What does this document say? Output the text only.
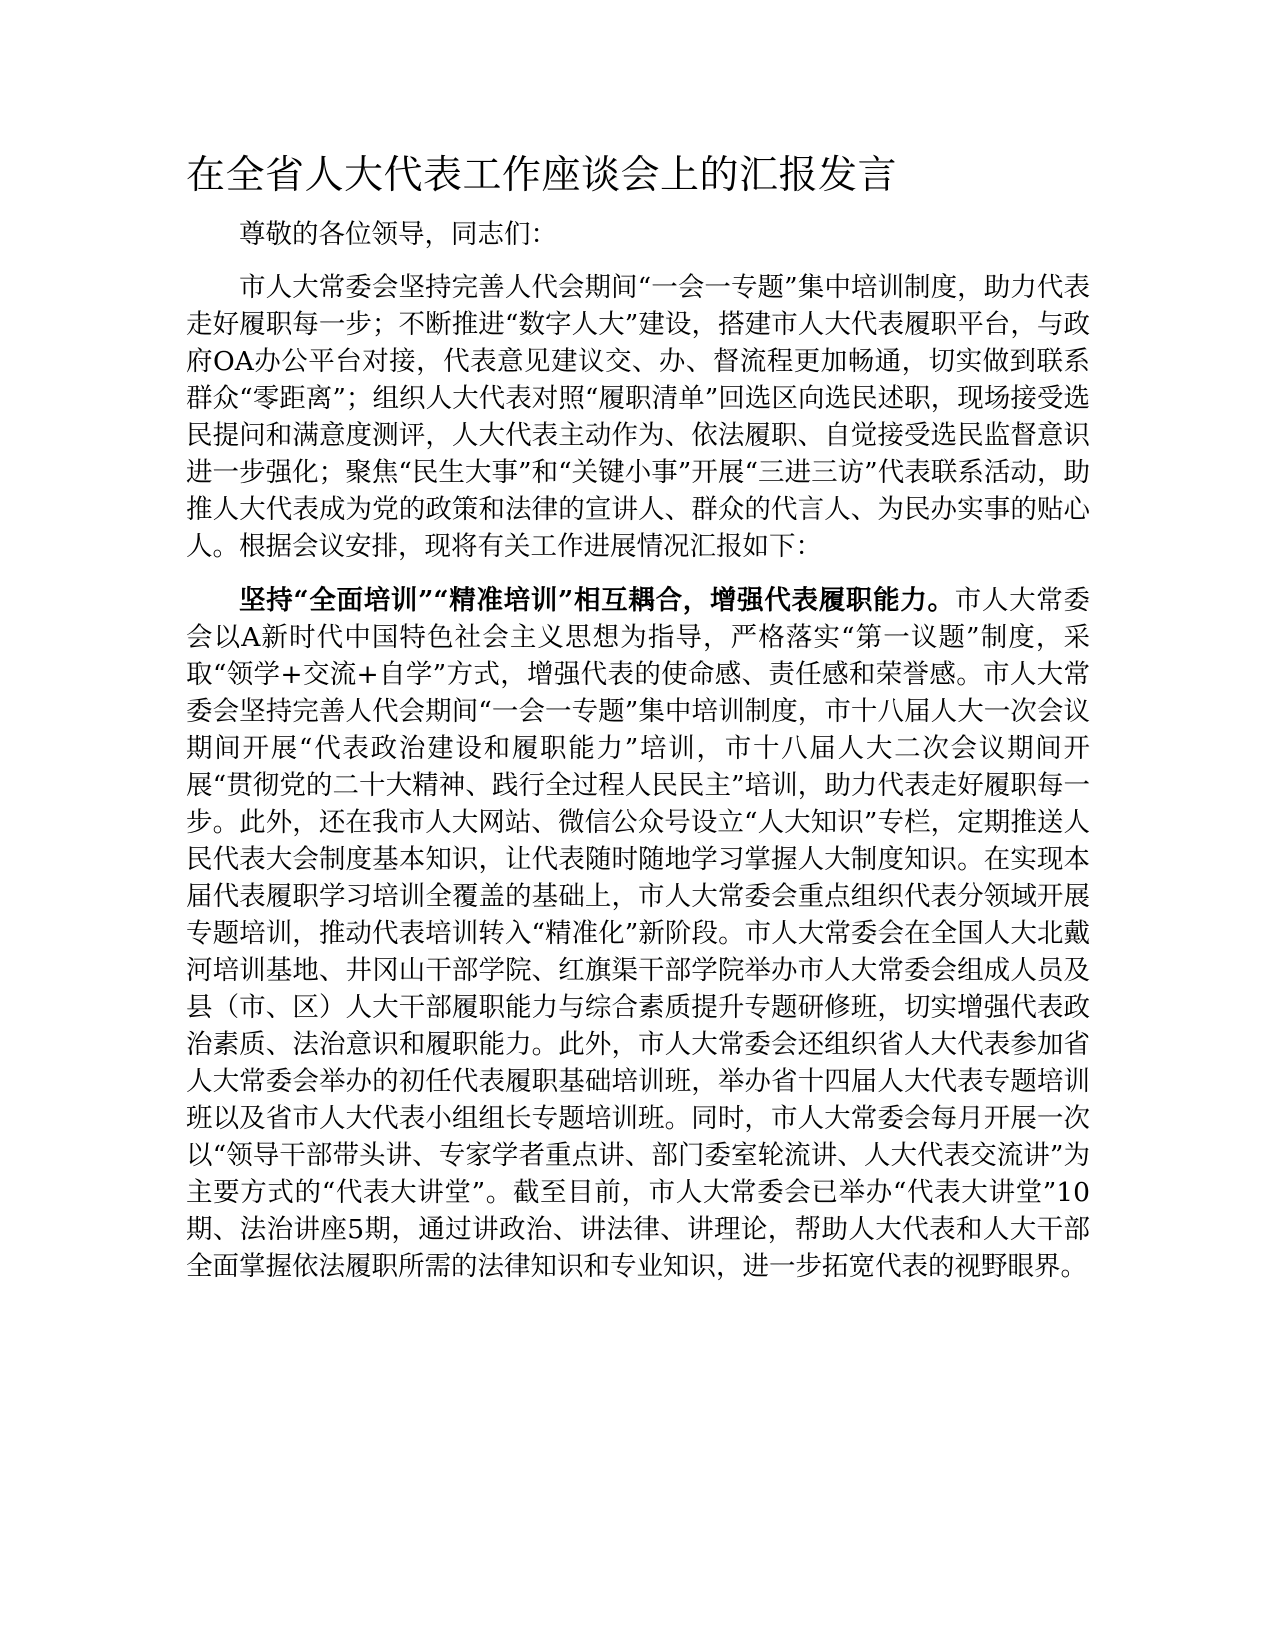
在全省人大代表工作座谈会上的汇报发言

尊敬的各位领导，同志们：

市人大常委会坚持完善人代会期间“一会一专题”集中培训制度，助力代表走好履职每一步；不断推进“数字人大”建设，搭建市人大代表履职平台，与政府OA办公平台对接，代表意见建议交、办、督流程更加畅通，切实做到联系群众“零距离”；组织人大代表对照“履职清单”回选区向选民述职，现场接受选民提问和满意度测评，人大代表主动作为、依法履职、自觉接受选民监督意识进一步强化；聚焦“民生大事”和“关键小事”开展“三进三访”代表联系活动，助推人大代表成为党的政策和法律的宣讲人、群众的代言人、为民办实事的贴心人。根据会议安排，现将有关工作进展情况汇报如下：

坚持“全面培训”“精准培训”相互耦合，增强代表履职能力。市人大常委会以A新时代中国特色社会主义思想为指导，严格落实“第一议题”制度，采取“领学+交流+自学”方式，增强代表的使命感、责任感和荣誉感。市人大常委会坚持完善人代会期间“一会一专题”集中培训制度，市十八届人大一次会议期间开展“代表政治建设和履职能力”培训，市十八届人大二次会议期间开展“贯彻党的二十大精神、践行全过程人民民主”培训，助力代表走好履职每一步。此外，还在我市人大网站、微信公众号设立“人大知识”专栏，定期推送人民代表大会制度基本知识，让代表随时随地学习掌握人大制度知识。在实现本届代表履职学习培训全覆盖的基础上，市人大常委会重点组织代表分领域开展专题培训，推动代表培训转入“精准化”新阶段。市人大常委会在全国人大北戴河培训基地、井冈山干部学院、红旗渠干部学院举办市人大常委会组成人员及县（市、区）人大干部履职能力与综合素质提升专题研修班，切实增强代表政治素质、法治意识和履职能力。此外，市人大常委会还组织省人大代表参加省人大常委会举办的初任代表履职基础培训班，举办省十四届人大代表专题培训班以及省市人大代表小组组长专题培训班。同时，市人大常委会每月开展一次以“领导干部带头讲、专家学者重点讲、部门委室轮流讲、人大代表交流讲”为主要方式的“代表大讲堂”。截至目前，市人大常委会已举办“代表大讲堂”10期、法治讲座5期，通过讲政治、讲法律、讲理论，帮助人大代表和人大干部全面掌握依法履职所需的法律知识和专业知识，进一步拓宽代表的视野眼界。
